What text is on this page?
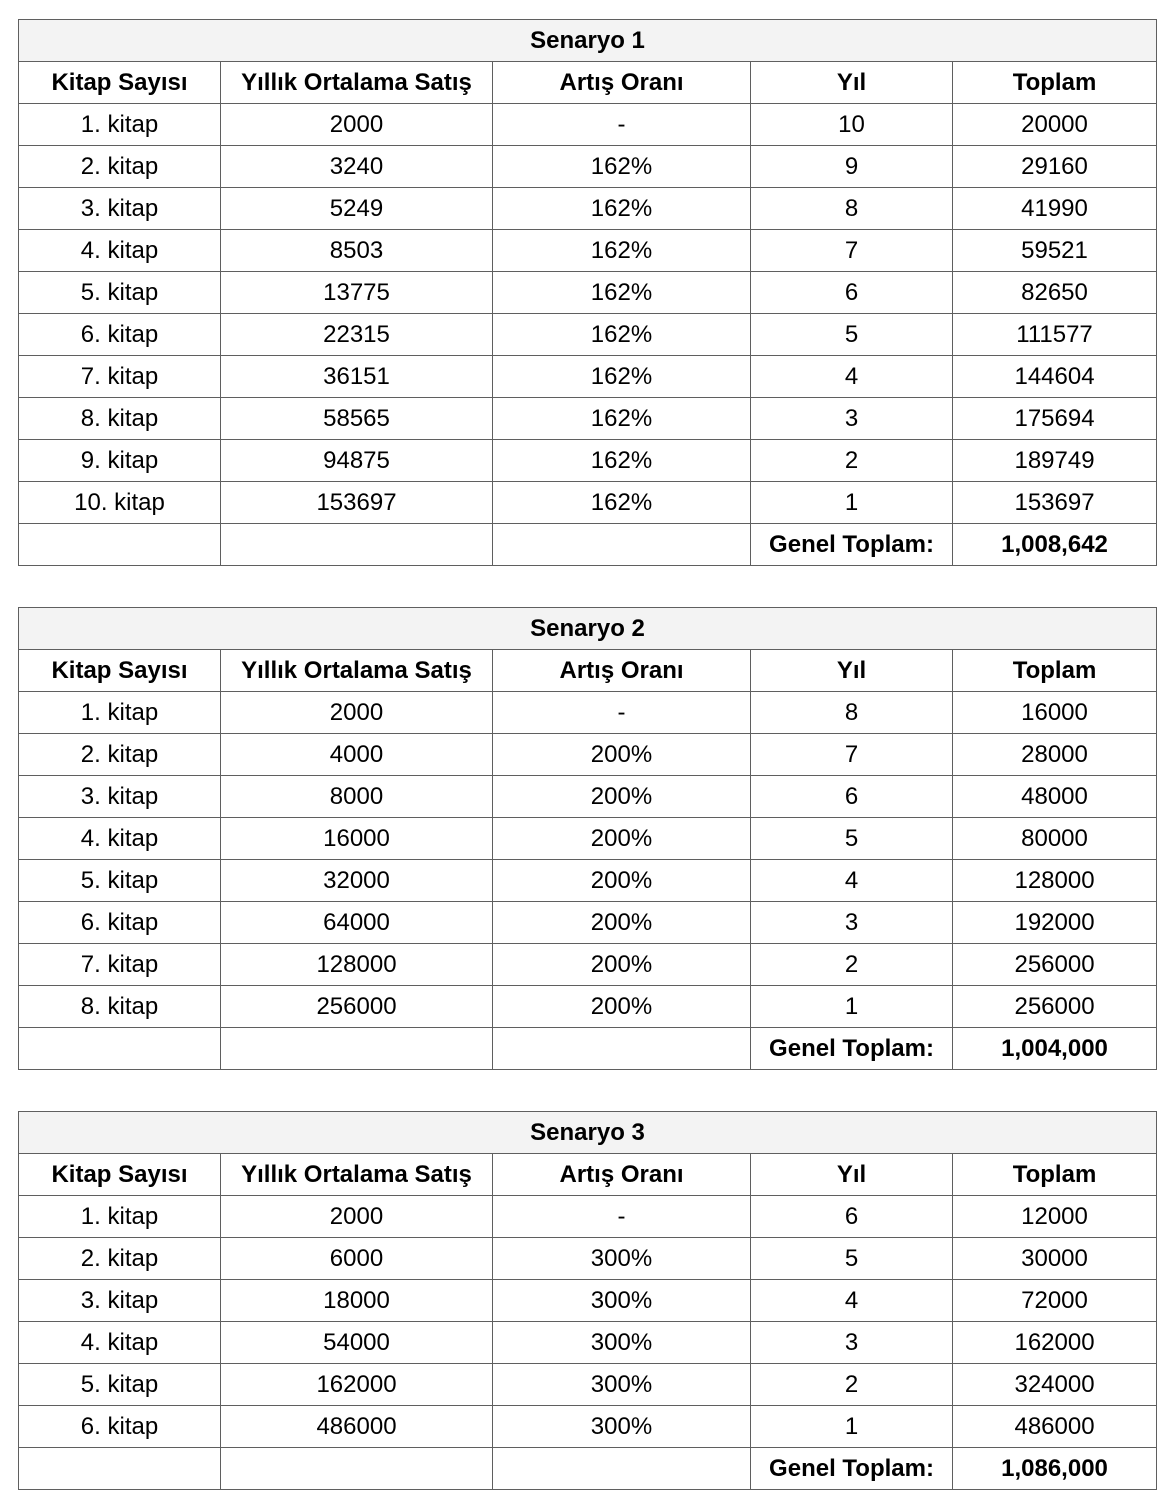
Senaryo 1				
Kitap Sayısı	Yıllık Ortalama Satış	Artış Oranı	Yıl	Toplam
1. kitap	2000	-	10	20000
2. kitap	3240	162%	9	29160
3. kitap	5249	162%	8	41990
4. kitap	8503	162%	7	59521
5. kitap	13775	162%	6	82650
6. kitap	22315	162%	5	111577
7. kitap	36151	162%	4	144604
8. kitap	58565	162%	3	175694
9. kitap	94875	162%	2	189749
10. kitap	153697	162%	1	153697
			Genel Toplam:	1,008,642
Senaryo 2				
Kitap Sayısı	Yıllık Ortalama Satış	Artış Oranı	Yıl	Toplam
1. kitap	2000	-	8	16000
2. kitap	4000	200%	7	28000
3. kitap	8000	200%	6	48000
4. kitap	16000	200%	5	80000
5. kitap	32000	200%	4	128000
6. kitap	64000	200%	3	192000
7. kitap	128000	200%	2	256000
8. kitap	256000	200%	1	256000
			Genel Toplam:	1,004,000
Senaryo 3				
Kitap Sayısı	Yıllık Ortalama Satış	Artış Oranı	Yıl	Toplam
1. kitap	2000	-	6	12000
2. kitap	6000	300%	5	30000
3. kitap	18000	300%	4	72000
4. kitap	54000	300%	3	162000
5. kitap	162000	300%	2	324000
6. kitap	486000	300%	1	486000
			Genel Toplam:	1,086,000
